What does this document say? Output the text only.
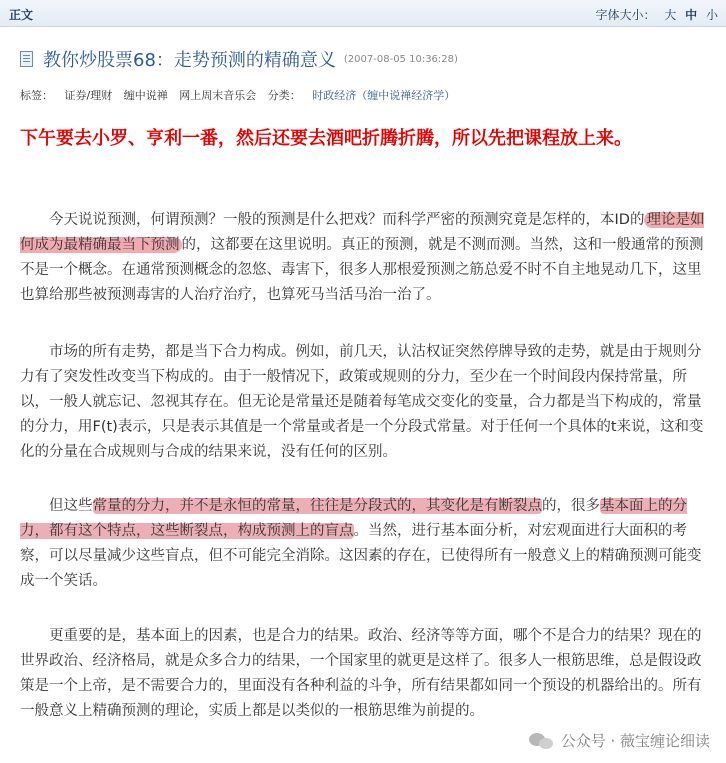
正文	字体大小： 大 中 小
教你炒股票68：走势预测的精确意义 (2007-08-05 10:36:28)
标签： 证券/理财 缠中说禅 网上周末音乐会 分类： 时政经济（缠中说禅经济学）
下午要去小罗、亨利一番，然后还要去酒吧折腾折腾，所以先把课程放上来。
今天说说预测，何谓预测？一般的预测是什么把戏？而科学严密的预测究竟是怎样的，本ID的 理论是如何成为最精确最当下预测 的，这都要在这里说明。真正的预测，就是不测而测。当然，这和一般通常的预测不是一个概念。在通常预测概念的忽悠、毒害下，很多人那根爱预测之筋总爱不时不自主地晃动几下，这里也算给那些被预测毒害的人治疗治疗，也算死马当活马治一治了。
市场的所有走势，都是当下合力构成。例如，前几天，认沽权证突然停牌导致的走势，就是由于规则分力有了突发性改变当下构成的。由于一般情况下，政策或规则的分力，至少在一个时间段内保持常量，所以，一般人就忘记、忽视其存在。但无论是常量还是随着每笔成交变化的变量，合力都是当下构成的，常量的分力，用F(t)表示，只是表示其值是一个常量或者是一个分段式常量。对于任何一个具体的t来说，这和变化的分量在合成规则与合成的结果来说，没有任何的区别。
但这些常量的分力，并不是永恒的常量，往往是分段式的，其变化是有断裂点的，很多基本面上的分力，都有这个特点，这些断裂点，构成预测上的盲点。当然，进行基本面分析，对宏观面进行大面积的考察，可以尽量减少这些盲点，但不可能完全消除。这因素的存在，已使得所有一般意义上的精确预测可能变成一个笑话。
更重要的是，基本面上的因素，也是合力的结果。政治、经济等等方面，哪个不是合力的结果？现在的世界政治、经济格局，就是众多合力的结果，一个国家里的就更是这样了。很多人一根筋思维，总是假设政策是一个上帝，是不需要合力的，里面没有各种利益的斗争，所有结果都如同一个预设的机器给出的。所有一般意义上精确预测的理论，实质上都是以类似的一根筋思维为前提的。
公众号 · 薇宝缠论细读
